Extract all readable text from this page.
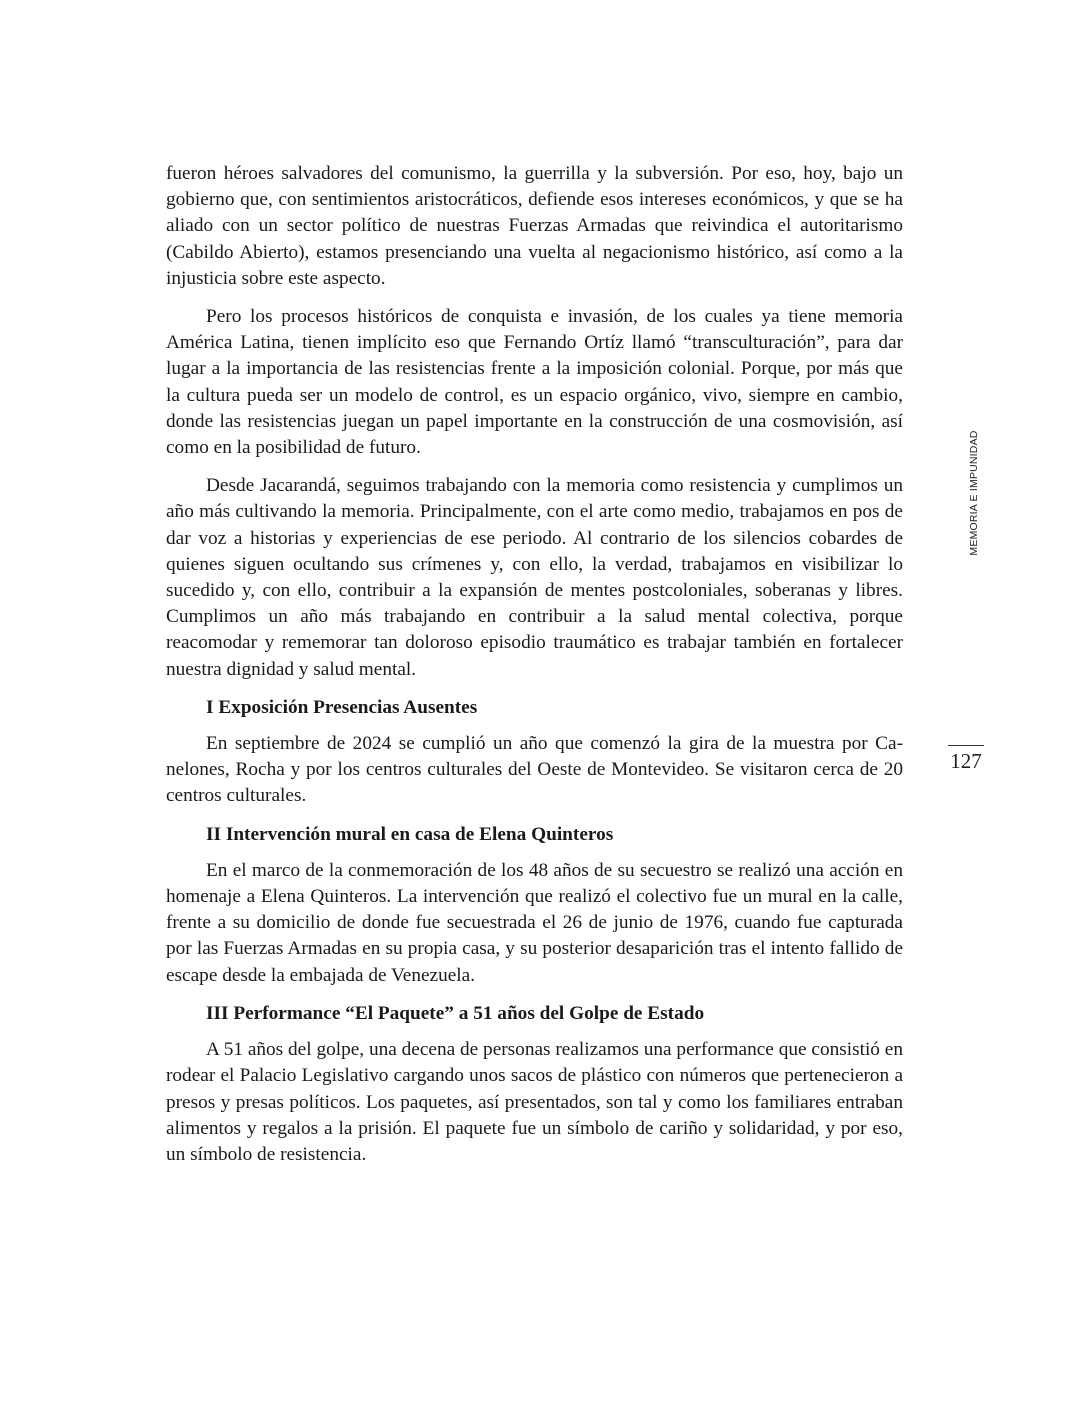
fueron héroes salvadores del comunismo, la guerrilla y la subversión. Por eso, hoy, bajo un gobierno que, con sentimientos aristocráticos, defiende esos intereses económicos, y que se ha aliado con un sector político de nuestras Fuerzas Armadas que reivindica el autoritarismo (Cabildo Abierto), estamos presenciando una vuelta al negacionismo histórico, así como a la injusticia sobre este aspecto.

Pero los procesos históricos de conquista e invasión, de los cuales ya tiene memoria América Latina, tienen implícito eso que Fernando Ortíz llamó “transculturación”, para dar lugar a la importancia de las resistencias frente a la imposición colonial. Porque, por más que la cultura pueda ser un modelo de control, es un espacio orgánico, vivo, siempre en cambio, donde las resistencias juegan un papel importante en la construcción de una cosmovisión, así como en la posibilidad de futuro.

Desde Jacarandá, seguimos trabajando con la memoria como resistencia y cumplimos un año más cultivando la memoria. Principalmente, con el arte como medio, trabajamos en pos de dar voz a historias y experiencias de ese periodo. Al contrario de los silencios cobardes de quienes siguen ocultando sus crímenes y, con ello, la verdad, trabajamos en visibilizar lo sucedido y, con ello, contribuir a la expansión de mentes postcoloniales, soberanas y libres. Cumplimos un año más trabajando en contribuir a la salud mental colectiva, porque reacomodar y rememorar tan doloroso episodio traumático es trabajar también en fortalecer nuestra dignidad y salud mental.

I Exposición Presencias Ausentes

En septiembre de 2024 se cumplió un año que comenzó la gira de la muestra por Canelones, Rocha y por los centros culturales del Oeste de Montevideo. Se visitaron cerca de 20 centros culturales.

II Intervención mural en casa de Elena Quinteros

En el marco de la conmemoración de los 48 años de su secuestro se realizó una acción en homenaje a Elena Quinteros. La intervención que realizó el colectivo fue un mural en la calle, frente a su domicilio de donde fue secuestrada el 26 de junio de 1976, cuando fue capturada por las Fuerzas Armadas en su propia casa, y su posterior desaparición tras el intento fallido de escape desde la embajada de Venezuela.

III Performance “El Paquete” a 51 años del Golpe de Estado

A 51 años del golpe, una decena de personas realizamos una performance que consistió en rodear el Palacio Legislativo cargando unos sacos de plástico con números que pertenecieron a presos y presas políticos. Los paquetes, así presentados, son tal y como los familiares entraban alimentos y regalos a la prisión. El paquete fue un símbolo de cariño y solidaridad, y por eso, un símbolo de resistencia.

MEMORIA E IMPUNIDAD
127
